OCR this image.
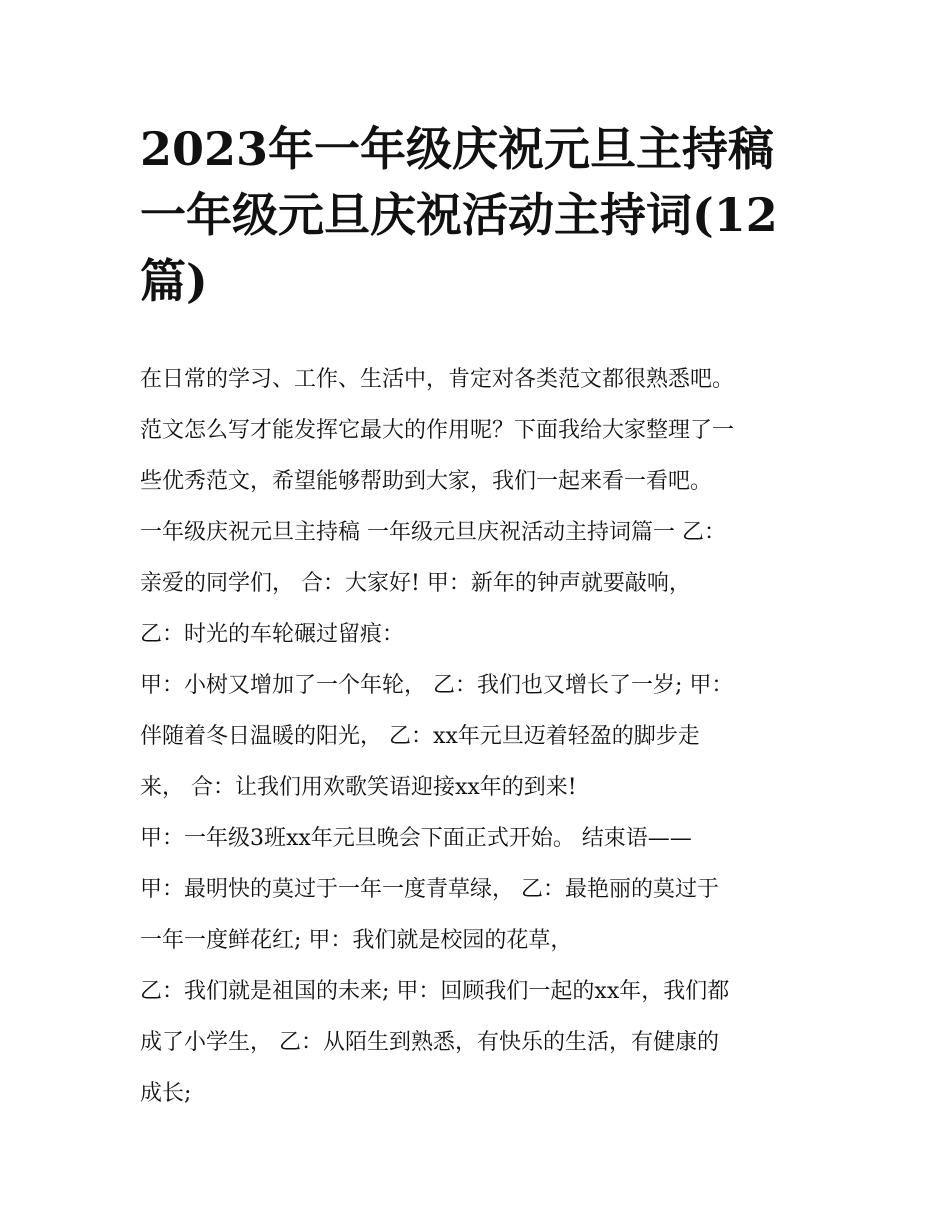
2023年一年级庆祝元旦主持稿
一年级元旦庆祝活动主持词(12
篇)
在日常的学习、工作、生活中，肯定对各类范文都很熟悉吧。
范文怎么写才能发挥它最大的作用呢？下面我给大家整理了一
些优秀范文，希望能够帮助到大家，我们一起来看一看吧。
一年级庆祝元旦主持稿 一年级元旦庆祝活动主持词篇一 乙：
亲爱的同学们， 合：大家好! 甲：新年的钟声就要敲响，
乙：时光的车轮碾过留痕：
甲：小树又增加了一个年轮， 乙：我们也又增长了一岁; 甲：
伴随着冬日温暖的阳光， 乙：xx年元旦迈着轻盈的脚步走
来， 合：让我们用欢歌笑语迎接xx年的到来!
甲：一年级3班xx年元旦晚会下面正式开始。 结束语——
甲：最明快的莫过于一年一度青草绿， 乙：最艳丽的莫过于
一年一度鲜花红; 甲：我们就是校园的花草，
乙：我们就是祖国的未来; 甲：回顾我们一起的xx年，我们都
成了小学生， 乙：从陌生到熟悉，有快乐的生活，有健康的
成长;
